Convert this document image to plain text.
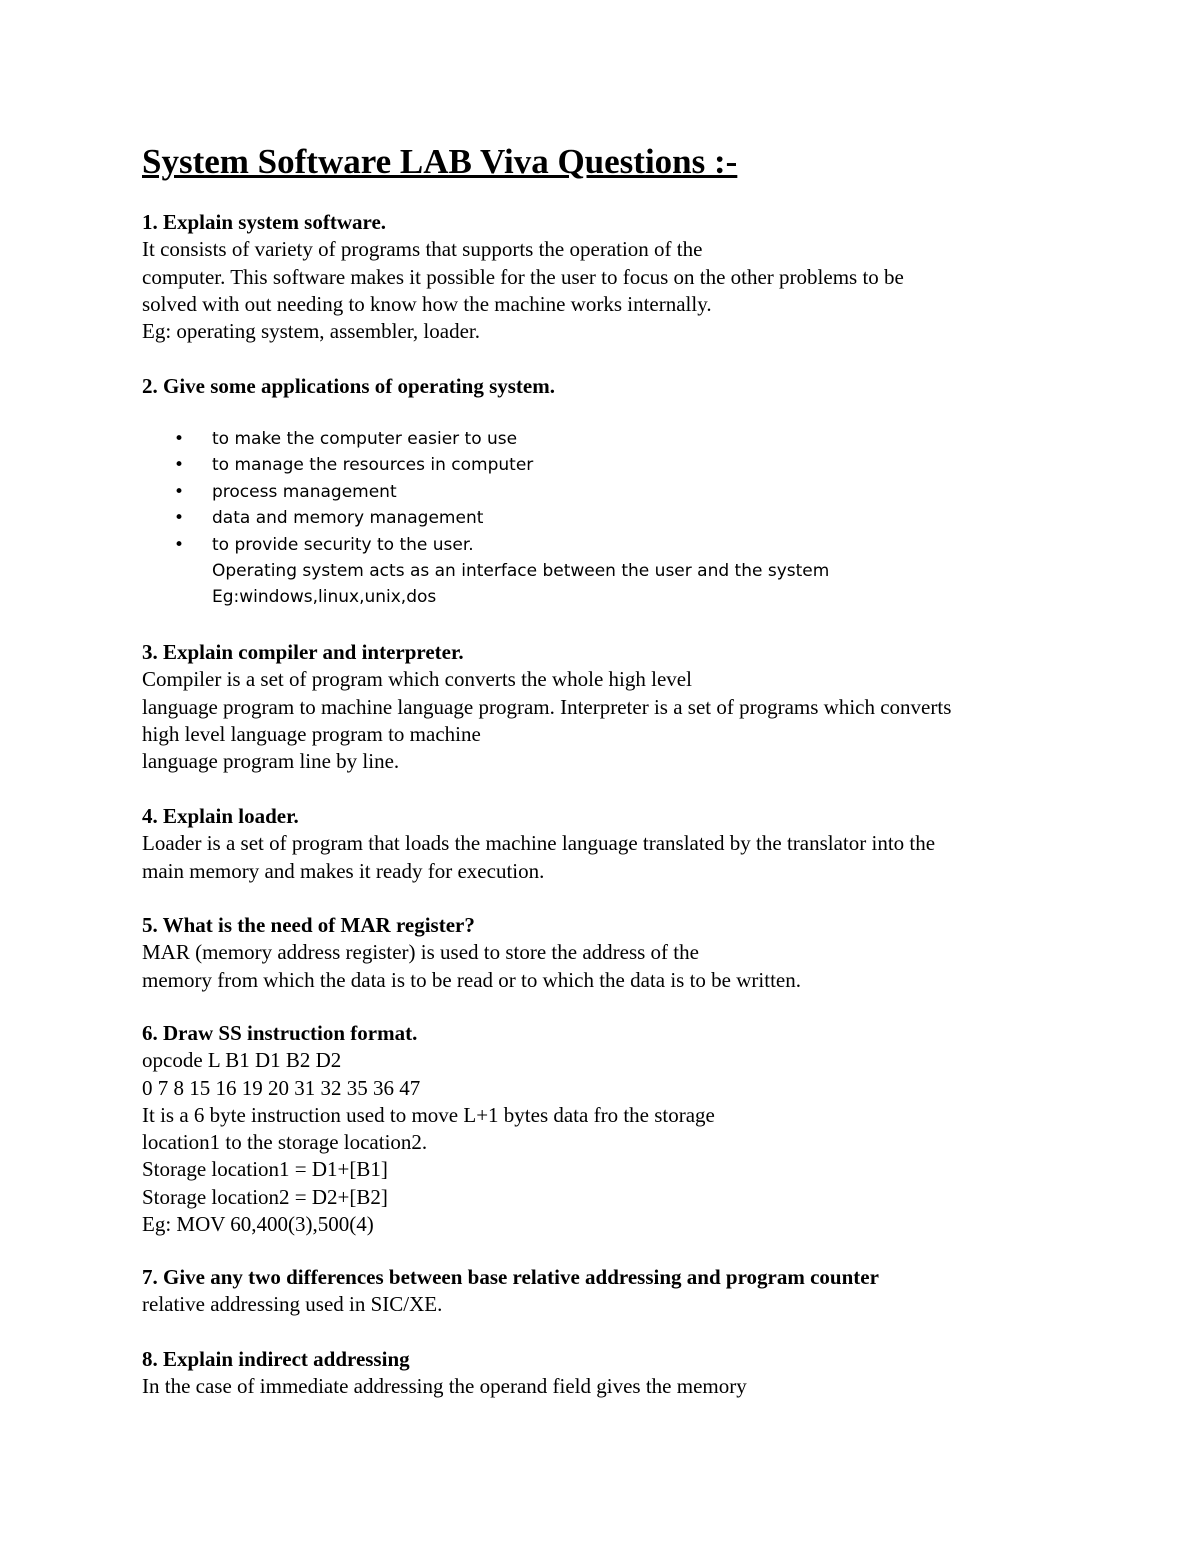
System Software LAB Viva Questions :-
1. Explain system software.
It consists of variety of programs that supports the operation of the
computer. This software makes it possible for the user to focus on the other problems to be
solved with out needing to know how the machine works internally.
Eg: operating system, assembler, loader.
2. Give some applications of operating system.
• to make the computer easier to use
• to manage the resources in computer
• process management
• data and memory management
• to provide security to the user.
Operating system acts as an interface between the user and the system
Eg:windows,linux,unix,dos
3. Explain compiler and interpreter.
Compiler is a set of program which converts the whole high level
language program to machine language program. Interpreter is a set of programs which converts
high level language program to machine
language program line by line.
4. Explain loader.
Loader is a set of program that loads the machine language translated by the translator into the
main memory and makes it ready for execution.
5. What is the need of MAR register?
MAR (memory address register) is used to store the address of the
memory from which the data is to be read or to which the data is to be written.
6. Draw SS instruction format.
opcode L B1 D1 B2 D2
0 7 8 15 16 19 20 31 32 35 36 47
It is a 6 byte instruction used to move L+1 bytes data fro the storage
location1 to the storage location2.
Storage location1 = D1+[B1]
Storage location2 = D2+[B2]
Eg: MOV 60,400(3),500(4)
7. Give any two differences between base relative addressing and program counter
relative addressing used in SIC/XE.
8. Explain indirect addressing
In the case of immediate addressing the operand field gives the memory
